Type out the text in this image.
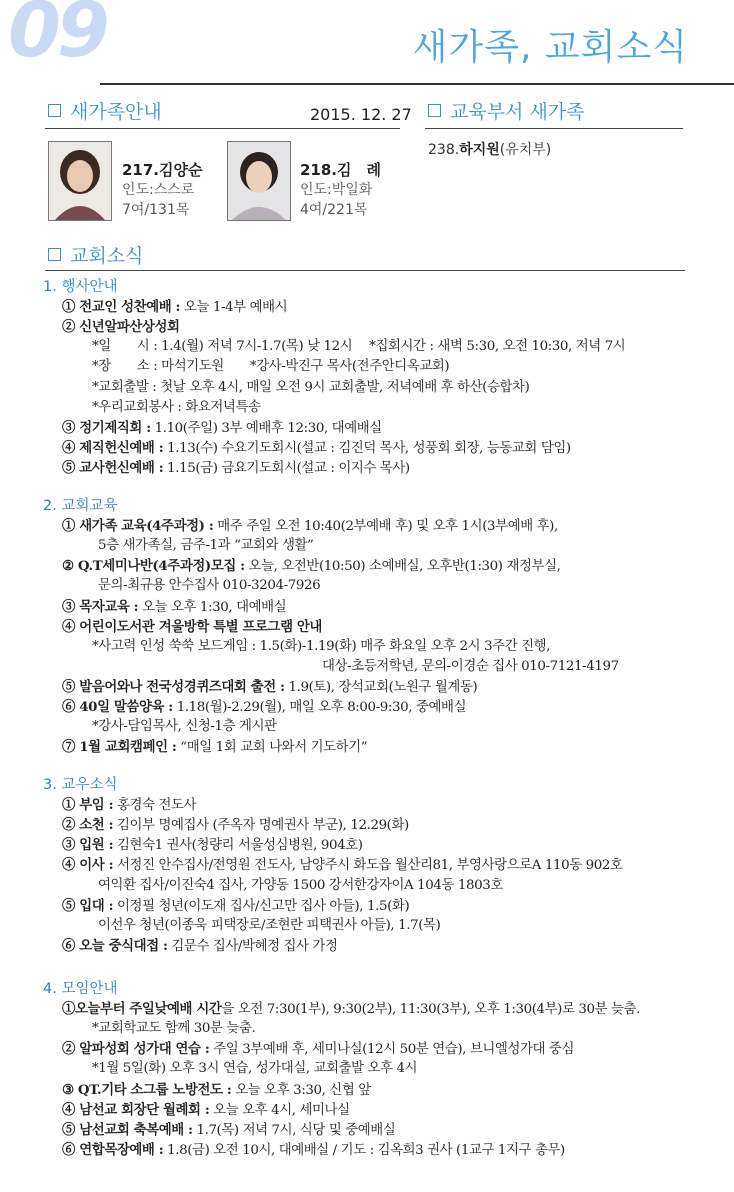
09	새가족, 교회소식
새가족안내	2015. 12. 27
217.김양순
인도:스스로
7여/131목
218.김　례
인도:박일화
4여/221목
교육부서 새가족
238.하지원(유치부)
교회소식
1. 행사안내
① 전교인 성찬예배 : 오늘 1-4부 예배시
② 신년알파산상성회
*일　　시 : 1.4(월) 저녁 7시-1.7(목) 낮 12시　 *집회시간 : 새벽 5:30, 오전 10:30, 저녁 7시
*장　　소 : 마석기도원　　*강사-박진구 목사(전주안디옥교회)
*교회출발 : 첫날 오후 4시, 매일 오전 9시 교회출발, 저녁예배 후 하산(승합차)
*우리교회봉사 : 화요저녁특송
③ 정기제직회 : 1.10(주일) 3부 예배후 12:30, 대예배실
④ 제직헌신예배 : 1.13(수) 수요기도회시(설교 : 김진덕 목사, 성풍회 회장, 능동교회 담임)
⑤ 교사헌신예배 : 1.15(금) 금요기도회시(설교 : 이지수 목사)
2. 교회교육
① 새가족 교육(4주과정) : 매주 주일 오전 10:40(2부예배 후) 및 오후 1시(3부예배 후),
5층 새가족실, 금주-1과 “교회와 생활”
② Q.T세미나반(4주과정)모집 : 오늘, 오전반(10:50) 소예배실, 오후반(1:30) 재정부실,
문의-최규용 안수집사 010-3204-7926
③ 목자교육 : 오늘 오후 1:30, 대예배실
④ 어린이도서관 겨울방학 특별 프로그램 안내
*사고력 인성 쑥쑥 보드게임 : 1.5(화)-1.19(화) 매주 화요일 오후 2시 3주간 진행,
대상-초등저학년, 문의-이경순 집사 010-7121-4197
⑤ 발음어와나 전국성경퀴즈대회 출전 : 1.9(토), 장석교회(노원구 월계동)
⑥ 40일 말씀양육 : 1.18(월)-2.29(월), 매일 오후 8:00-9:30, 중예배실
*강사-담임목사, 신청-1층 게시판
⑦ 1월 교회캠페인 : “매일 1회 교회 나와서 기도하기”
3. 교우소식
① 부임 : 홍경숙 전도사
② 소천 : 김이부 명예집사 (주옥자 명예권사 부군), 12.29(화)
③ 입원 : 김현숙1 권사(청량리 서울성심병원, 904호)
④ 이사 : 서정진 안수집사/전영원 전도사, 남양주시 화도읍 월산리81, 부영사랑으로A 110동 902호
여익환 집사/이진숙4 집사, 가양동 1500 강서한강자이A 104동 1803호
⑤ 입대 : 이정필 청년(이도재 집사/신고만 집사 아들), 1.5(화)
이선우 청년(이종욱 피택장로/조현란 피택권사 아들), 1.7(목)
⑥ 오늘 중식대접 : 김문수 집사/박혜정 집사 가정
4. 모임안내
①오늘부터 주일낮예배 시간을 오전 7:30(1부), 9:30(2부), 11:30(3부), 오후 1:30(4부)로 30분 늦춤.
*교회학교도 함께 30분 늦춤.
② 알파성회 성가대 연습 : 주일 3부예배 후, 세미나실(12시 50분 연습), 브니엘성가대 중심
*1월 5일(화) 오후 3시 연습, 성가대실, 교회출발 오후 4시
③ QT.기타 소그룹 노방전도 : 오늘 오후 3:30, 신협 앞
④ 남선교 회장단 월례회 : 오늘 오후 4시, 세미나실
⑤ 남선교회 축복예배 : 1.7(목) 저녁 7시, 식당 및 중예배실
⑥ 연합목장예배 : 1.8(금) 오전 10시, 대예배실 / 기도 : 김옥희3 권사 (1교구 1지구 총무)
